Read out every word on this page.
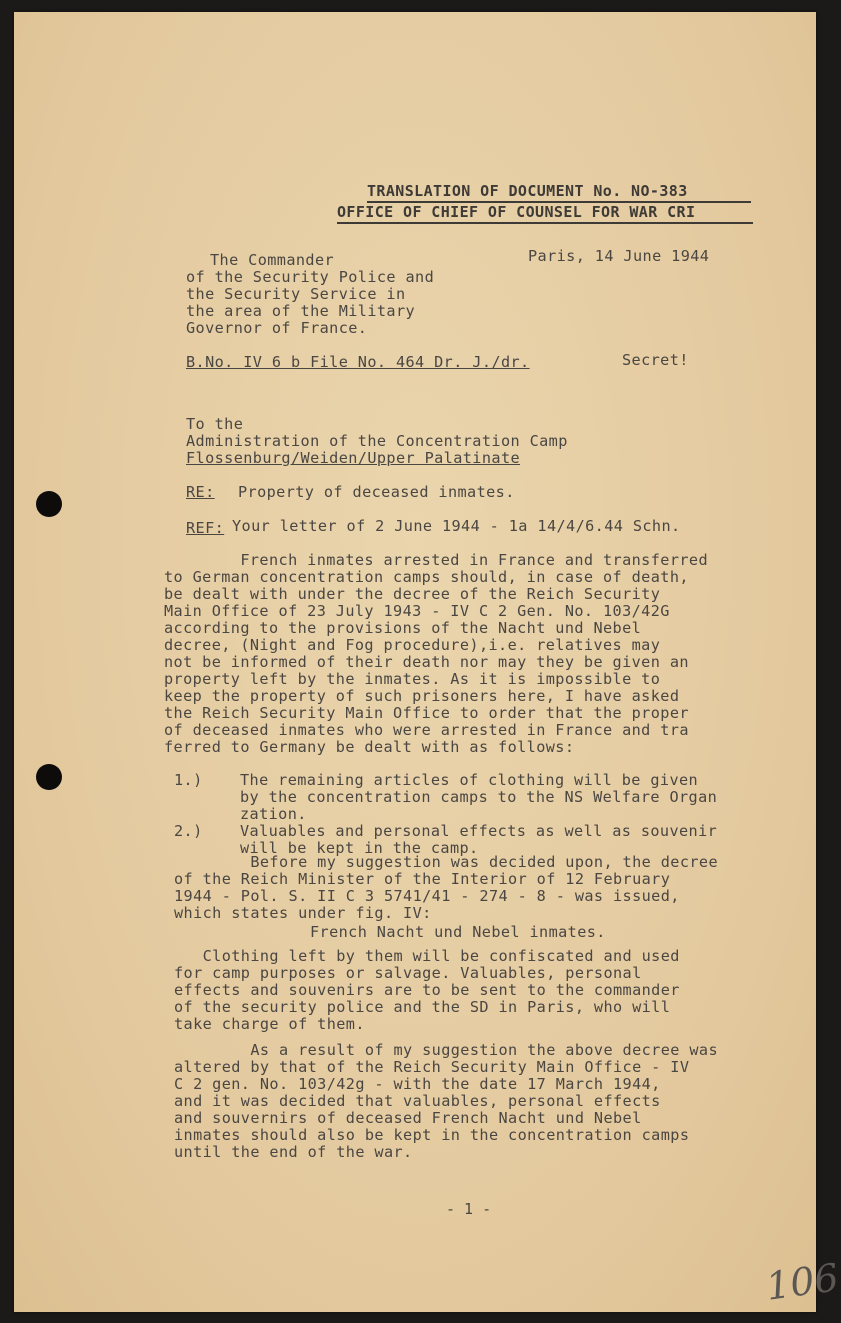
TRANSLATION OF DOCUMENT No. NO-383
OFFICE OF CHIEF OF COUNSEL FOR WAR CRI
The Commander
of the Security Police and
the Security Service in
the area of the Military
Governor of France.
Paris, 14 June 1944
B.No. IV 6 b File No. 464 Dr. J./dr.	Secret!
To the
Administration of the Concentration Camp
Flossenburg/Weiden/Upper Palatinate
RE: Property of deceased inmates.
REF: Your letter of 2 June 1944 - 1a 14/4/6.44 Schn.
French inmates arrested in France and transferred
to German concentration camps should, in case of death,
be dealt with under the decree of the Reich Security
Main Office of 23 July 1943 - IV C 2 Gen. No. 103/42G
according to the provisions of the Nacht und Nebel
decree, (Night and Fog procedure),i.e. relatives may
not be informed of their death nor may they be given an
property left by the inmates. As it is impossible to
keep the property of such prisoners here, I have asked
the Reich Security Main Office to order that the proper
of deceased inmates who were arrested in France and tra
ferred to Germany be dealt with as follows:
1.) The remaining articles of clothing will be given
by the concentration camps to the NS Welfare Organ
zation.
2.) Valuables and personal effects as well as souvenir
will be kept in the camp.
Before my suggestion was decided upon, the decree
of the Reich Minister of the Interior of 12 February
1944 - Pol. S. II C 3 5741/41 - 274 - 8 - was issued,
which states under fig. IV:
French Nacht und Nebel inmates.
Clothing left by them will be confiscated and used
for camp purposes or salvage. Valuables, personal
effects and souvenirs are to be sent to the commander
of the security police and the SD in Paris, who will
take charge of them.
As a result of my suggestion the above decree was
altered by that of the Reich Security Main Office - IV
C 2 gen. No. 103/42g - with the date 17 March 1944,
and it was decided that valuables, personal effects
and souvernirs of deceased French Nacht und Nebel
inmates should also be kept in the concentration camps
until the end of the war.
- 1 -
106
